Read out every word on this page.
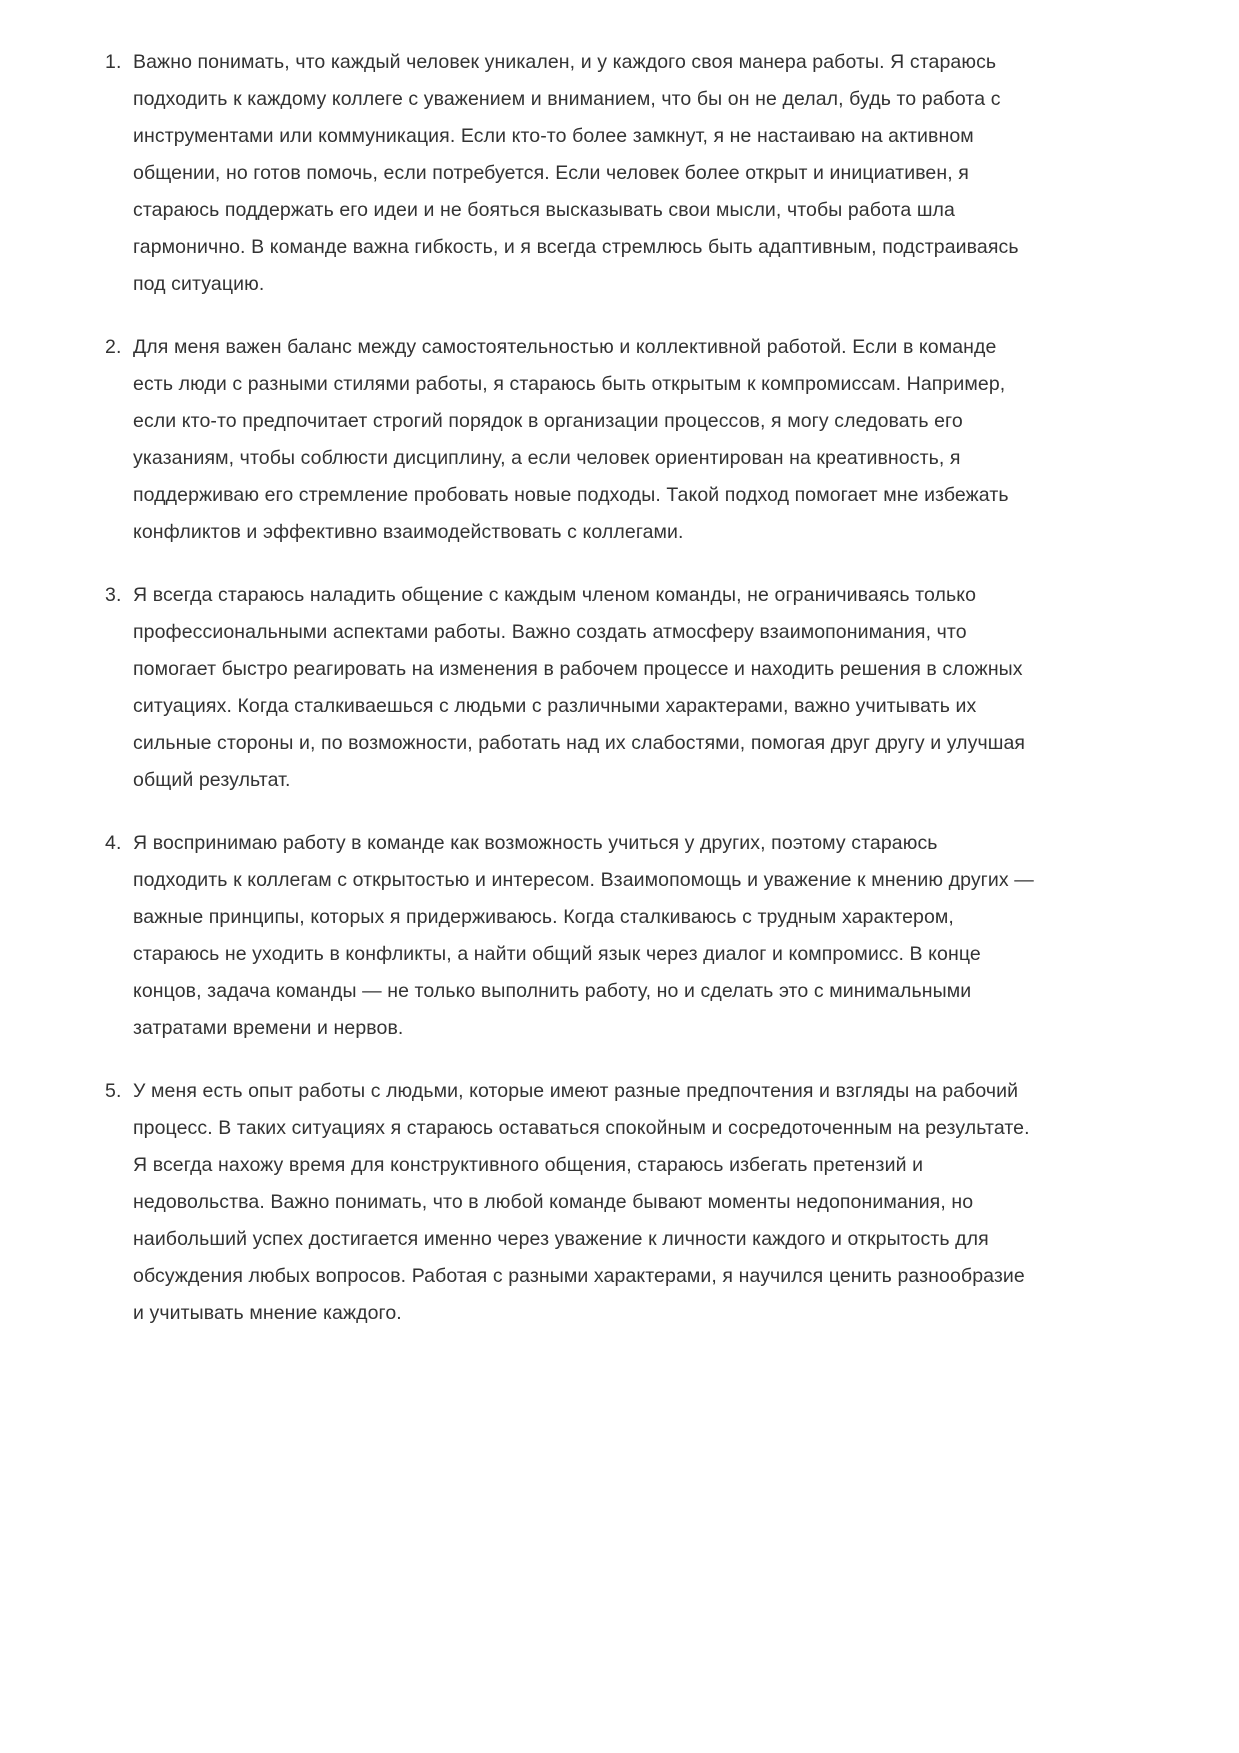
1. Важно понимать, что каждый человек уникален, и у каждого своя манера работы. Я стараюсь подходить к каждому коллеге с уважением и вниманием, что бы он не делал, будь то работа с инструментами или коммуникация. Если кто-то более замкнут, я не настаиваю на активном общении, но готов помочь, если потребуется. Если человек более открыт и инициативен, я стараюсь поддержать его идеи и не бояться высказывать свои мысли, чтобы работа шла гармонично. В команде важна гибкость, и я всегда стремлюсь быть адаптивным, подстраиваясь под ситуацию.
2. Для меня важен баланс между самостоятельностью и коллективной работой. Если в команде есть люди с разными стилями работы, я стараюсь быть открытым к компромиссам. Например, если кто-то предпочитает строгий порядок в организации процессов, я могу следовать его указаниям, чтобы соблюсти дисциплину, а если человек ориентирован на креативность, я поддерживаю его стремление пробовать новые подходы. Такой подход помогает мне избежать конфликтов и эффективно взаимодействовать с коллегами.
3. Я всегда стараюсь наладить общение с каждым членом команды, не ограничиваясь только профессиональными аспектами работы. Важно создать атмосферу взаимопонимания, что помогает быстро реагировать на изменения в рабочем процессе и находить решения в сложных ситуациях. Когда сталкиваешься с людьми с различными характерами, важно учитывать их сильные стороны и, по возможности, работать над их слабостями, помогая друг другу и улучшая общий результат.
4. Я воспринимаю работу в команде как возможность учиться у других, поэтому стараюсь подходить к коллегам с открытостью и интересом. Взаимопомощь и уважение к мнению других — важные принципы, которых я придерживаюсь. Когда сталкиваюсь с трудным характером, стараюсь не уходить в конфликты, а найти общий язык через диалог и компромисс. В конце концов, задача команды — не только выполнить работу, но и сделать это с минимальными затратами времени и нервов.
5. У меня есть опыт работы с людьми, которые имеют разные предпочтения и взгляды на рабочий процесс. В таких ситуациях я стараюсь оставаться спокойным и сосредоточенным на результате. Я всегда нахожу время для конструктивного общения, стараюсь избегать претензий и недовольства. Важно понимать, что в любой команде бывают моменты недопонимания, но наибольший успех достигается именно через уважение к личности каждого и открытость для обсуждения любых вопросов. Работая с разными характерами, я научился ценить разнообразие и учитывать мнение каждого.
